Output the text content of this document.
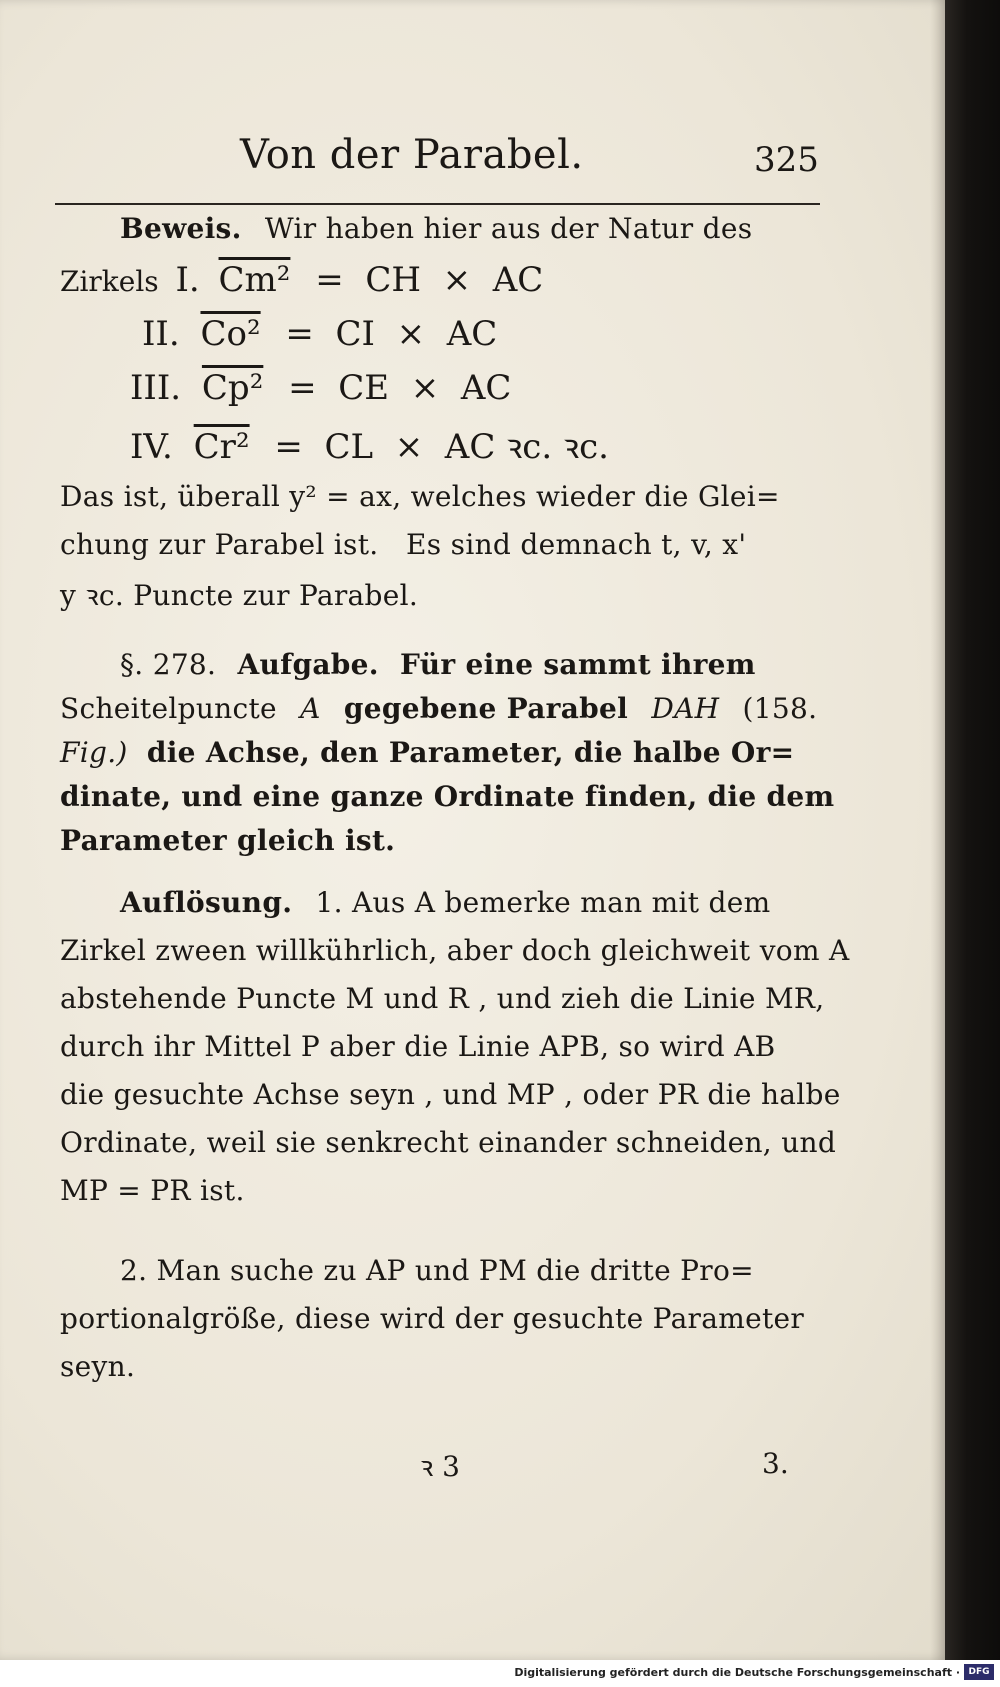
Von der Parabel.	325
Beweis. Wir haben hier aus der Natur des
Zirkels I. Cm² =  CH  ×  AC
II. Co² =  CI  ×  AC
III. Cp² =  CE  ×  AC
IV. Cr² =  CL  ×  AC ꝛc. ꝛc.
Das ist, überall y² = ax, welches wieder die Glei=
chung zur Parabel ist.   Es sind demnach t, v, x'
y ꝛc. Puncte zur Parabel.
§. 278. Aufgabe. Für eine sammt ihrem
Scheitelpuncte A gegebene Parabel DAH (158.
Fig.) die Achse, den Parameter, die halbe Or=
dinate, und eine ganze Ordinate finden, die dem
Parameter gleich ist.
Auflösung. 1. Aus A bemerke man mit dem
Zirkel zween willkührlich, aber doch gleichweit vom A
abstehende Puncte M und R , und zieh die Linie MR,
durch ihr Mittel P aber die Linie APB, so wird AB
die gesuchte Achse seyn , und MP , oder PR die halbe
Ordinate, weil sie senkrecht einander schneiden, und
MP = PR ist.
2. Man suche zu AP und PM die dritte Pro=
portionalgröße, diese wird der gesuchte Parameter
seyn.
ꝛ 3	3.
Digitalisierung gefördert durch die Deutsche Forschungsgemeinschaft · DFG
